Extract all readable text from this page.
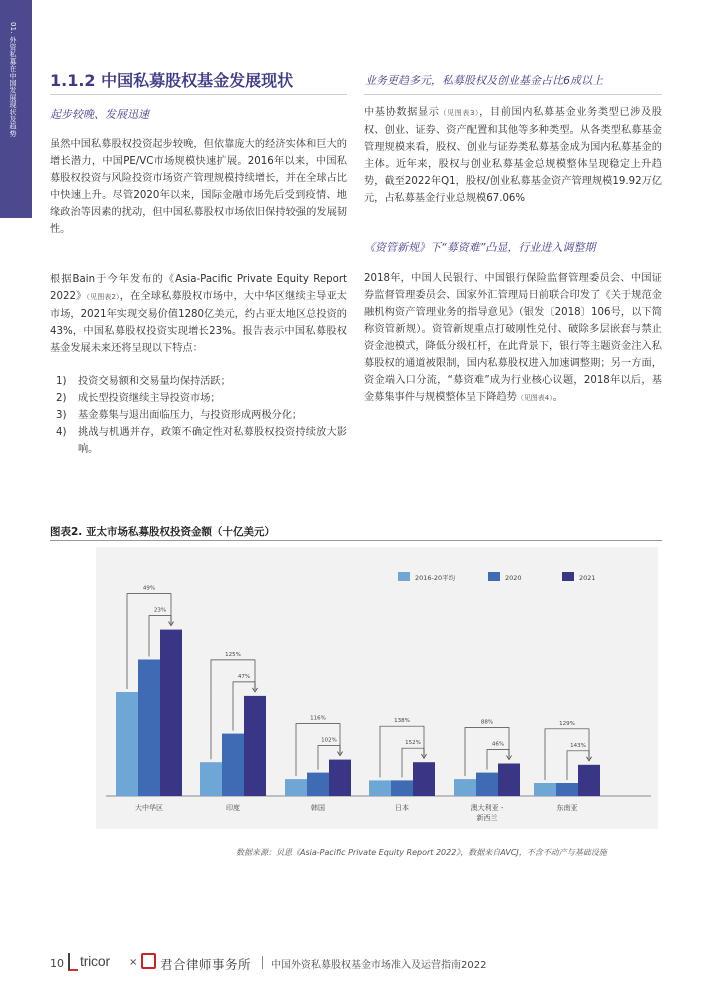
01. 外资私募在中国发展现状及趋势 1.1.2 中国私募股权基金发展现状	业务更趋多元，私募股权及创业基金占比6成以上
起步较晚、发展迅速
虽然中国私募股权投资起步较晚，但依靠庞大的经济实体和巨大的增长潜力，中国PE/VC市场规模快速扩展。2016年以来，中国私募股权投资与风险投资市场资产管理规模持续增长，并在全球占比中快速上升。尽管2020年以来，国际金融市场先后受到疫情、地缘政治等因素的扰动，但中国私募股权市场依旧保持较强的发展韧性。
根据Bain于今年发布的《Asia-Pacific Private Equity Report 2022》（见图表2），在全球私募股权市场中，大中华区继续主导亚太市场，2021年实现交易价值1280亿美元，约占亚太地区总投资的 43%，中国私募股权投资实现增长23%。报告表示中国私募股权基金发展未来还将呈现以下特点：
1)	投资交易额和交易量均保持活跃；
2)	成长型投资继续主导投资市场；
3)	基金募集与退出面临压力，与投资形成两极分化；
4)	挑战与机遇并存，政策不确定性对私募股权投资持续放大影响。
中基协数据显示（见图表3），目前国内私募基金业务类型已涉及股权、创业、证券、资产配置和其他等多种类型。从各类型私募基金管理规模来看，股权、创业与证券类私募基金成为国内私募基金的主体。近年来，股权与创业私募基金总规模整体呈现稳定上升趋势，截至2022年Q1，股权/创业私募基金资产管理规模19.92万亿元，占私募基金行业总规模67.06%
《资管新规》下“募资难”凸显，行业进入调整期
2018年，中国人民银行、中国银行保险监督管理委员会、中国证券监督管理委员会、国家外汇管理局日前联合印发了《关于规范金融机构资产管理业务的指导意见》（银发〔2018〕106号，以下简称资管新规）。资管新规重点打破刚性兑付、破除多层嵌套与禁止资金池模式，降低分级杠杆，在此背景下，银行等主题资金注入私募股权的通道被限制，国内私募股权进入加速调整期；另一方面，资金端入口分流，“募资难”成为行业核心议题，2018年以后，基金募集事件与规模整体呈下降趋势（见图表4）。
图表2. 亚太市场私募股权投资金额（十亿美元）
大中华区	印度	韩国	日本	澳大利亚 -新西兰
东南亚
49%
23%
125%
47%
116%
102%
138%
152%
88%
46%
129%
143%
2016-20平均	2020	2021
数据来源：贝恩《Asia-Pacific Private Equity Report 2022》，数据来自AVCJ，不含不动产与基础设施
10 tricor × 君合律师事务所 中国外资私募股权基金市场准入及运营指南2022
